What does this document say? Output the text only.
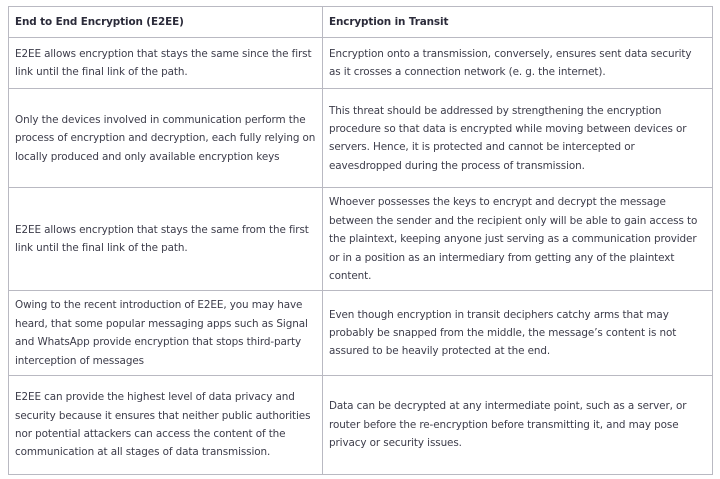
End to End Encryption (E2EE)	Encryption in Transit
E2EE allows encryption that stays the same since the first link until the final link of the path.	Encryption onto a transmission, conversely, ensures sent data security as it crosses a connection network (e. g. the internet).
Only the devices involved in communication perform the process of encryption and decryption, each fully relying on locally produced and only available encryption keys	This threat should be addressed by strengthening the encryption procedure so that data is encrypted while moving between devices or servers. Hence, it is protected and cannot be intercepted or eavesdropped during the process of transmission.
E2EE allows encryption that stays the same from the first link until the final link of the path.	Whoever possesses the keys to encrypt and decrypt the message between the sender and the recipient only will be able to gain access to the plaintext, keeping anyone just serving as a communication provider or in a position as an intermediary from getting any of the plaintext content.
Owing to the recent introduction of E2EE, you may have heard, that some popular messaging apps such as Signal and WhatsApp provide encryption that stops third-party interception of messages	Even though encryption in transit deciphers catchy arms that may probably be snapped from the middle, the message’s content is not assured to be heavily protected at the end.
E2EE can provide the highest level of data privacy and security because it ensures that neither public authorities nor potential attackers can access the content of the communication at all stages of data transmission.	Data can be decrypted at any intermediate point, such as a server, or router before the re-encryption before transmitting it, and may pose privacy or security issues.
